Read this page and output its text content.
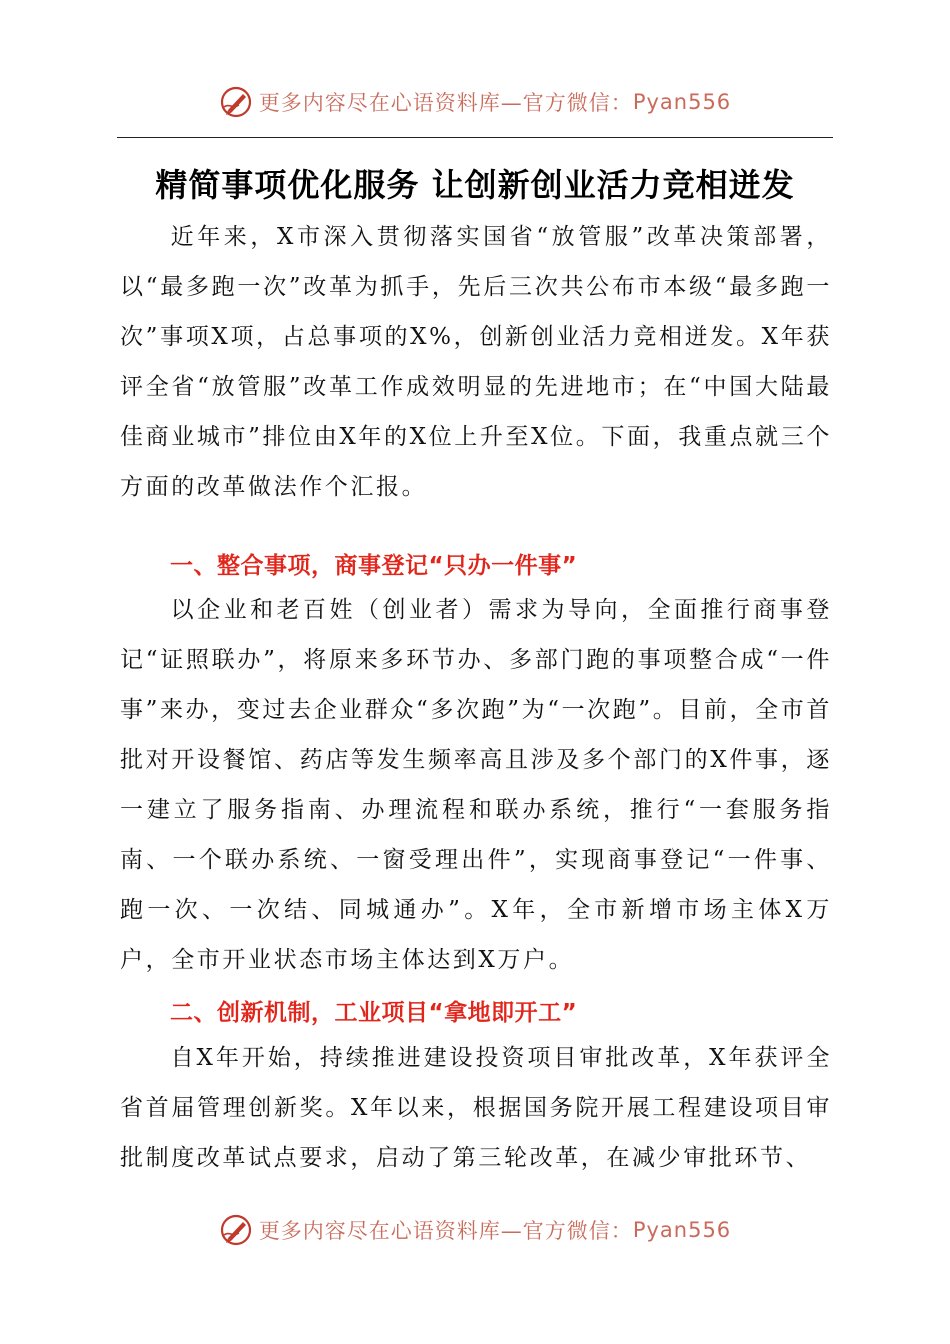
更多内容尽在心语资料库—官方微信： Pyan556
精简事项优化服务 让创新创业活力竞相迸发

近年来，X市深入贯彻落实国省“放管服”改革决策部署，以“最多跑一次”改革为抓手，先后三次共公布市本级“最多跑一次”事项X项，占总事项的X%，创新创业活力竞相迸发。X年获评全省“放管服”改革工作成效明显的先进地市；在“中国大陆最佳商业城市”排位由X年的X位上升至X位。下面，我重点就三个方面的改革做法作个汇报。

一、整合事项，商事登记“只办一件事”

以企业和老百姓（创业者）需求为导向，全面推行商事登记“证照联办”，将原来多环节办、多部门跑的事项整合成“一件事”来办，变过去企业群众“多次跑”为“一次跑”。目前，全市首批对开设餐馆、药店等发生频率高且涉及多个部门的X件事，逐一建立了服务指南、办理流程和联办系统，推行“一套服务指南、一个联办系统、一窗受理出件”，实现商事登记“一件事、跑一次、一次结、同城通办”。X年，全市新增市场主体X万户，全市开业状态市场主体达到X万户。

二、创新机制，工业项目“拿地即开工”

自X年开始，持续推进建设投资项目审批改革，X年获评全省首届管理创新奖。X年以来，根据国务院开展工程建设项目审批制度改革试点要求，启动了第三轮改革，在减少审批环节、

更多内容尽在心语资料库—官方微信： Pyan556
